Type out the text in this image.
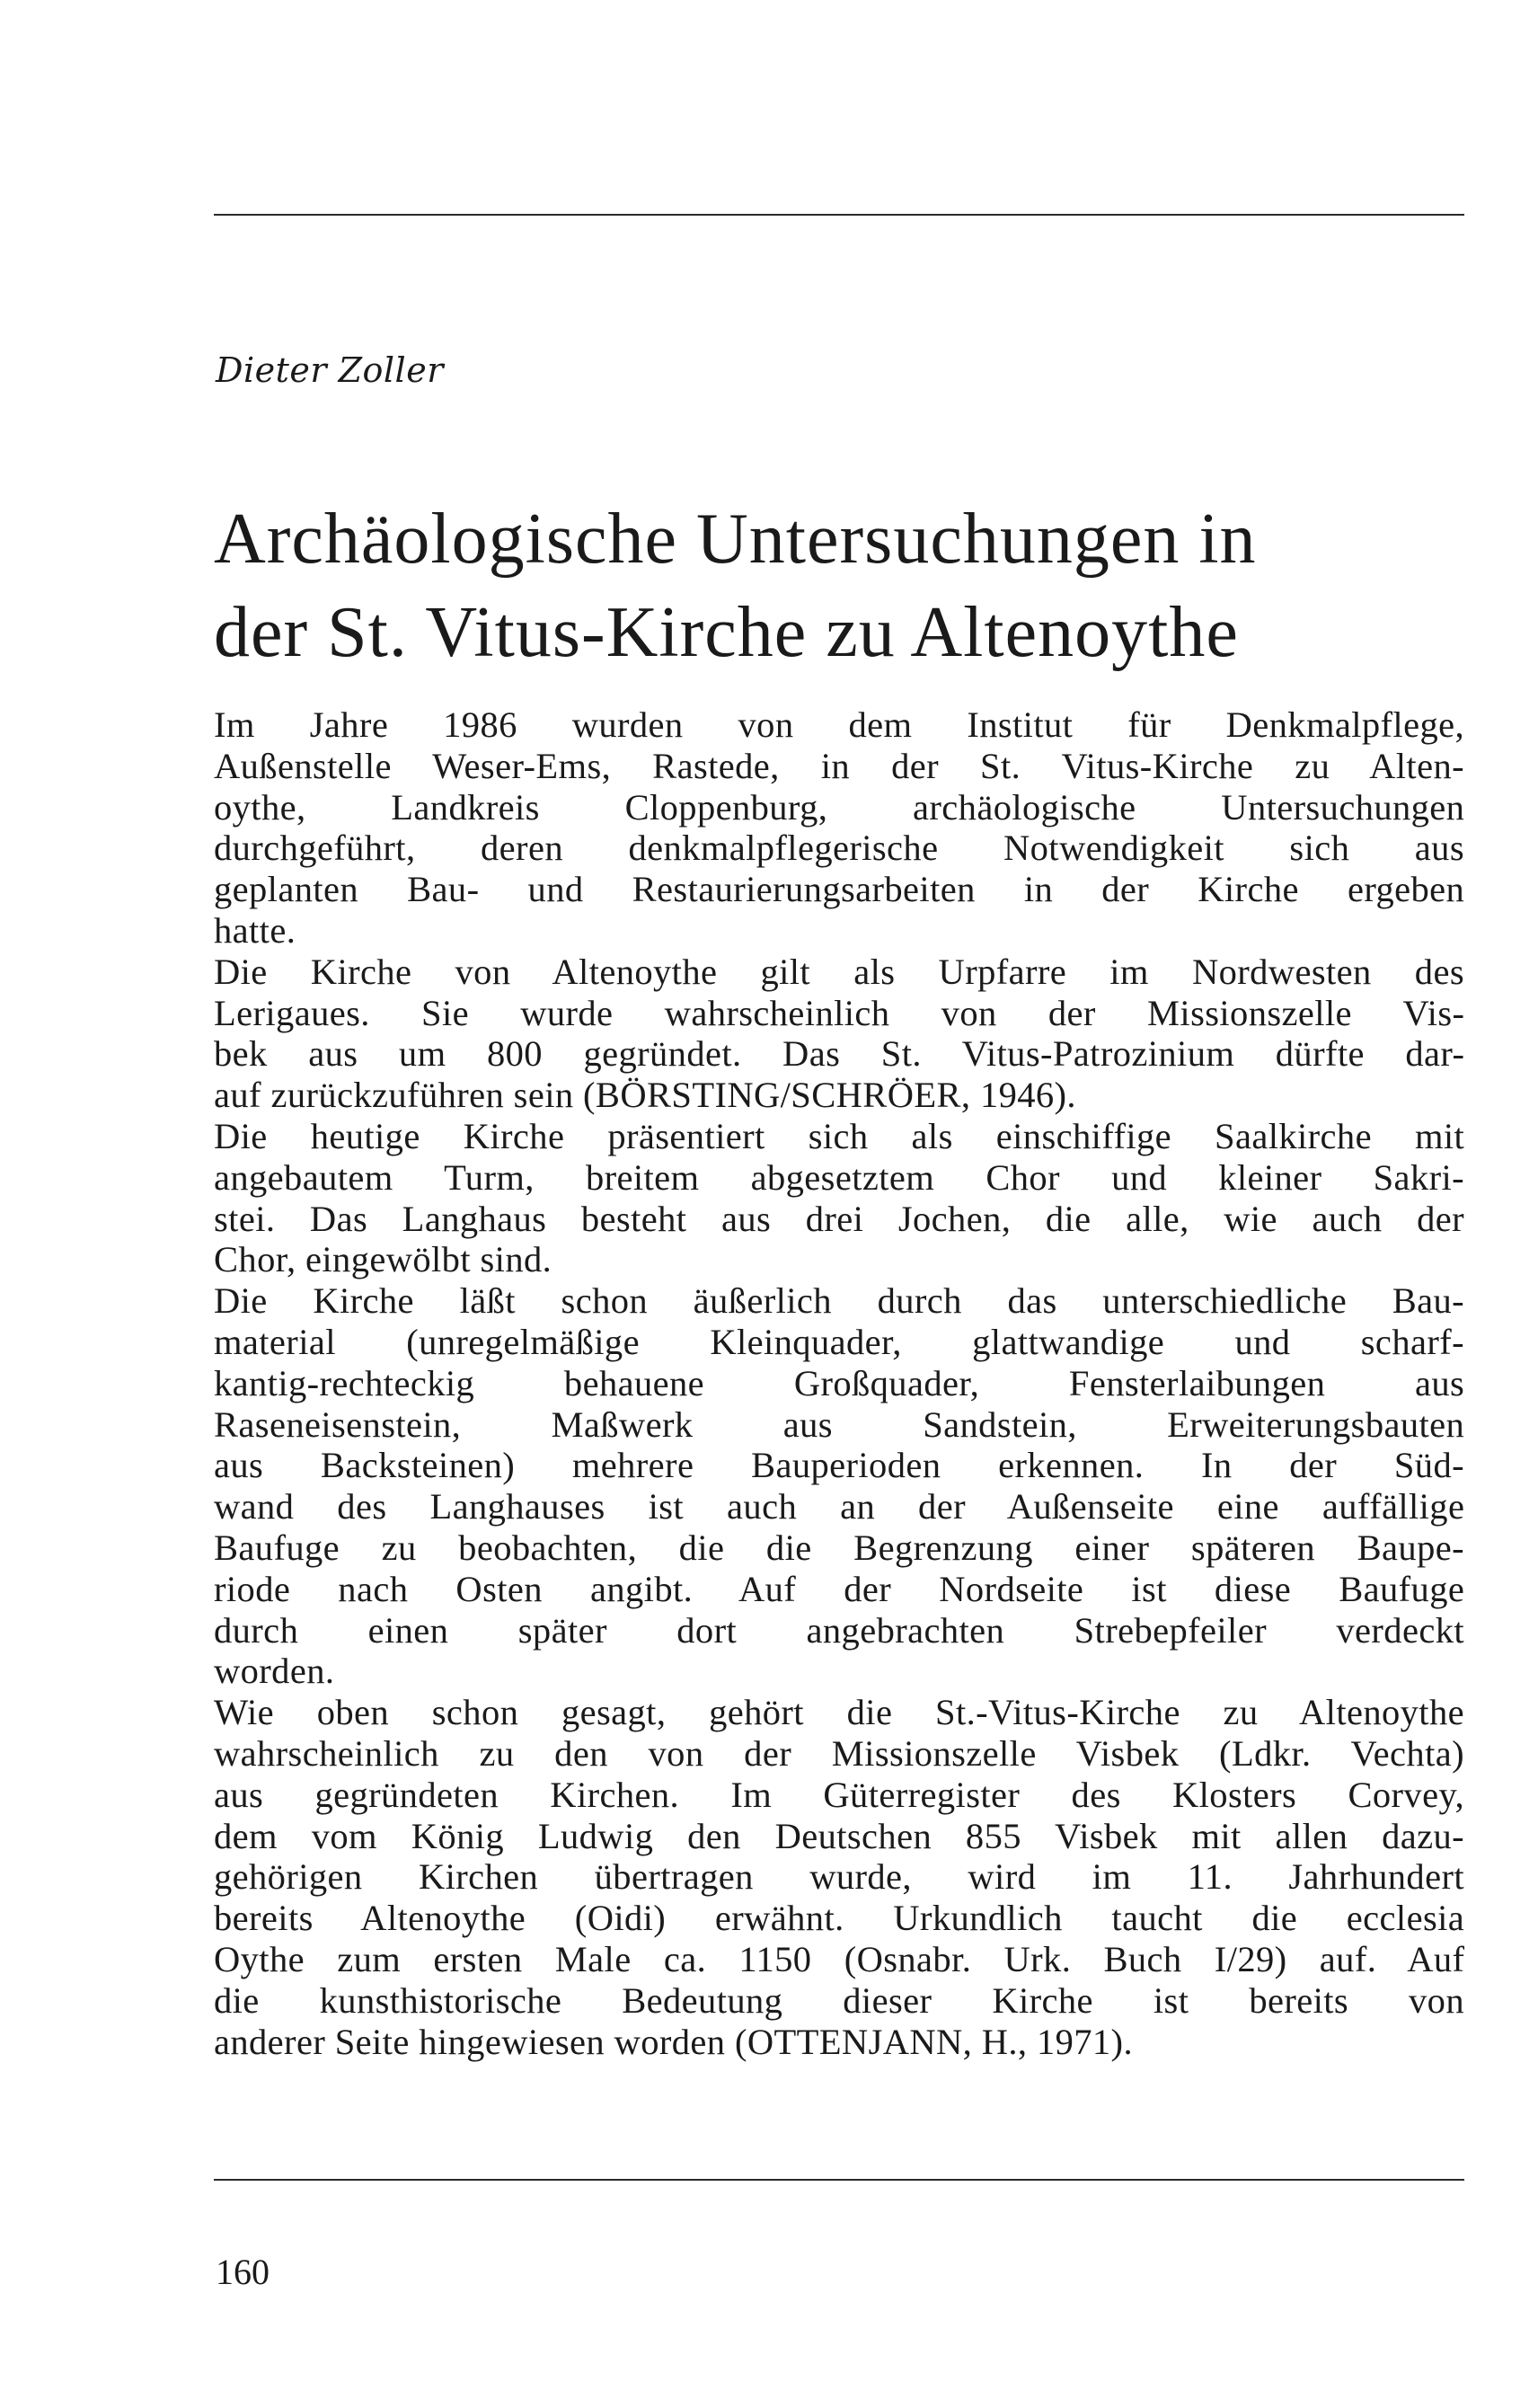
Dieter Zoller
Archäologische Untersuchungen in
der St. Vitus-Kirche zu Altenoythe

Im Jahre 1986 wurden von dem Institut für Denkmalpflege,
Außenstelle Weser-Ems, Rastede, in der St. Vitus-Kirche zu Alten-
oythe, Landkreis Cloppenburg, archäologische Untersuchungen
durchgeführt, deren denkmalpflegerische Notwendigkeit sich aus
geplanten Bau- und Restaurierungsarbeiten in der Kirche ergeben
hatte.

Die Kirche von Altenoythe gilt als Urpfarre im Nordwesten des
Lerigaues. Sie wurde wahrscheinlich von der Missionszelle Vis-
bek aus um 800 gegründet. Das St. Vitus-Patrozinium dürfte dar-
auf zurückzuführen sein (BÖRSTING/SCHRÖER, 1946).

Die heutige Kirche präsentiert sich als einschiffige Saalkirche mit
angebautem Turm, breitem abgesetztem Chor und kleiner Sakri-
stei. Das Langhaus besteht aus drei Jochen, die alle, wie auch der
Chor, eingewölbt sind.

Die Kirche läßt schon äußerlich durch das unterschiedliche Bau-
material (unregelmäßige Kleinquader, glattwandige und scharf-
kantig-rechteckig behauene Großquader, Fensterlaibungen aus
Raseneisenstein, Maßwerk aus Sandstein, Erweiterungsbauten
aus Backsteinen) mehrere Bauperioden erkennen. In der Süd-
wand des Langhauses ist auch an der Außenseite eine auffällige
Baufuge zu beobachten, die die Begrenzung einer späteren Baupe-
riode nach Osten angibt. Auf der Nordseite ist diese Baufuge
durch einen später dort angebrachten Strebepfeiler verdeckt
worden.

Wie oben schon gesagt, gehört die St.-Vitus-Kirche zu Altenoythe
wahrscheinlich zu den von der Missionszelle Visbek (Ldkr. Vechta)
aus gegründeten Kirchen. Im Güterregister des Klosters Corvey,
dem vom König Ludwig den Deutschen 855 Visbek mit allen dazu-
gehörigen Kirchen übertragen wurde, wird im 11. Jahrhundert
bereits Altenoythe (Oidi) erwähnt. Urkundlich taucht die ecclesia
Oythe zum ersten Male ca. 1150 (Osnabr. Urk. Buch I/29) auf. Auf
die kunsthistorische Bedeutung dieser Kirche ist bereits von
anderer Seite hingewiesen worden (OTTENJANN, H., 1971).

160
